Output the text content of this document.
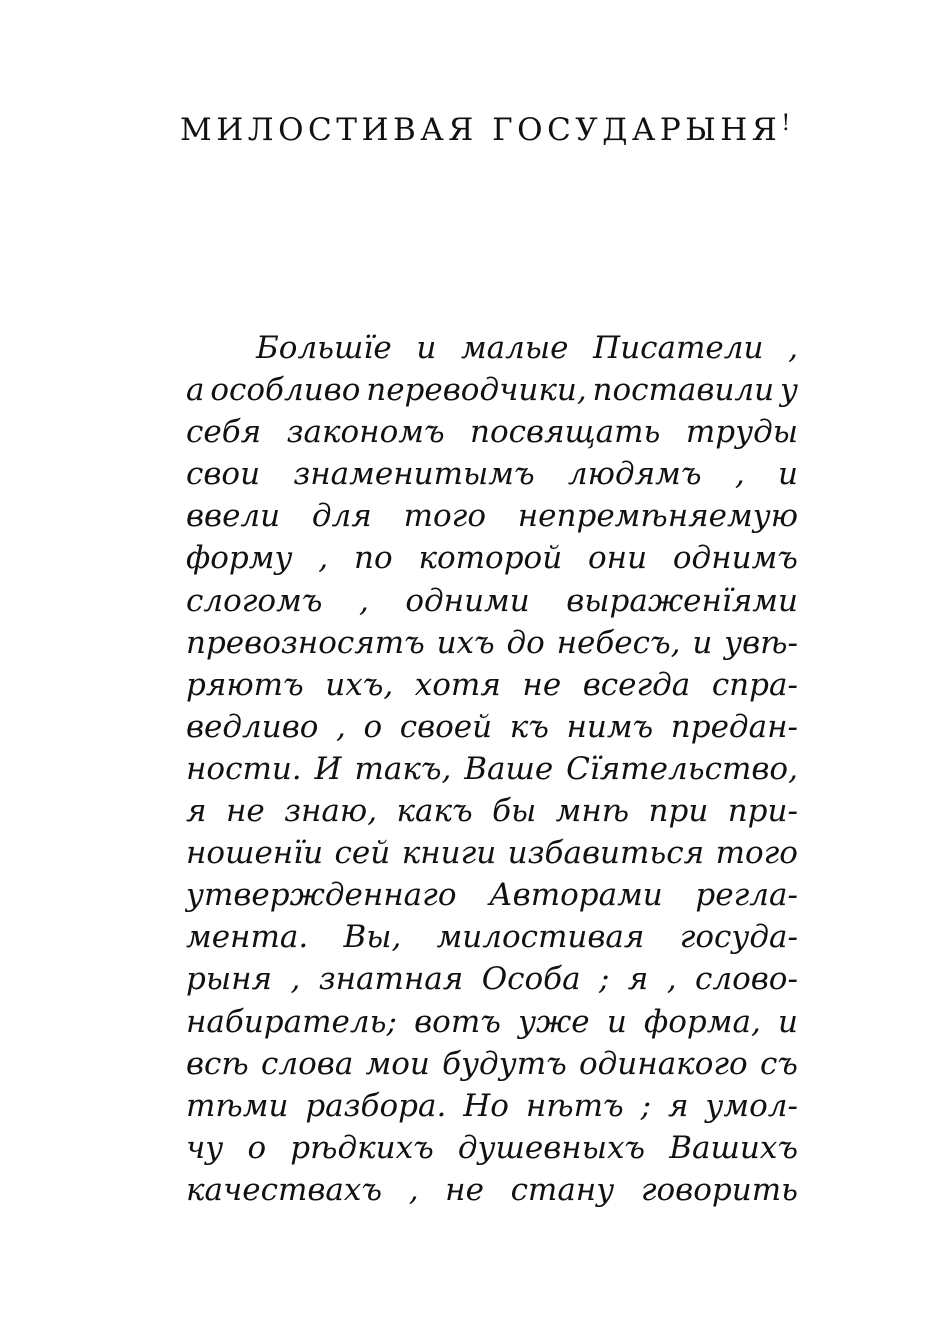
МИЛОСТИВАЯ ГОСУДАРЫНЯ!
Большïе и малые Писатели ,
а особливо переводчики, поставили у
себя закономъ посвящать труды
свои знаменитымъ людямъ , и
ввели для того непремѣняемую
форму , по которой они однимъ
слогомъ , одними выраженïями
превозносятъ ихъ до небесъ, и увѣ-
ряютъ ихъ, хотя не всегда спра-
ведливо , о своей къ нимъ предан-
ности. И такъ, Ваше Сïятельство,
я не знаю, какъ бы мнѣ при при-
ношенïи сей книги избавиться того
утвержденнаго Авторами регла-
мента. Вы, милостивая госуда-
рыня , знатная Особа ; я , слово-
набиратель; вотъ уже и форма, и
всѣ слова мои будутъ одинакого съ
тѣми разбора. Но нѣтъ ; я умол-
чу о рѣдкихъ душевныхъ Вашихъ
качествахъ , не стану говорить
